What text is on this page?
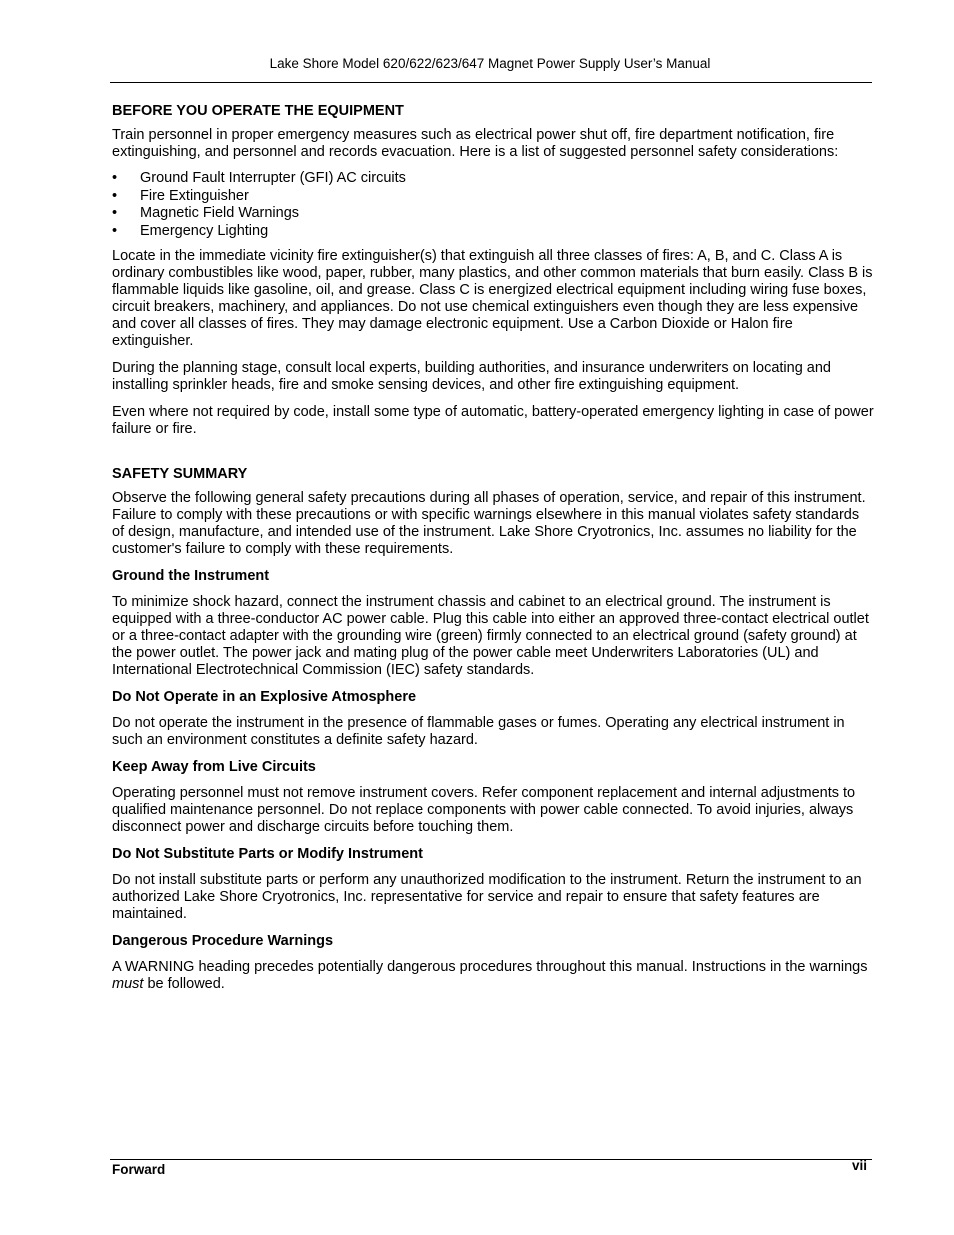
Lake Shore Model 620/622/623/647 Magnet Power Supply User’s Manual
BEFORE YOU OPERATE THE EQUIPMENT

Train personnel in proper emergency measures such as electrical power shut off, fire department notification, fire extinguishing, and personnel and records evacuation. Here is a list of suggested personnel safety considerations:

• Ground Fault Interrupter (GFI) AC circuits
• Fire Extinguisher
• Magnetic Field Warnings
• Emergency Lighting

Locate in the immediate vicinity fire extinguisher(s) that extinguish all three classes of fires: A, B, and C. Class A is ordinary combustibles like wood, paper, rubber, many plastics, and other common materials that burn easily. Class B is flammable liquids like gasoline, oil, and grease. Class C is energized electrical equipment including wiring fuse boxes, circuit breakers, machinery, and appliances. Do not use chemical extinguishers even though they are less expensive and cover all classes of fires. They may damage electronic equipment. Use a Carbon Dioxide or Halon fire extinguisher.

During the planning stage, consult local experts, building authorities, and insurance underwriters on locating and installing sprinkler heads, fire and smoke sensing devices, and other fire extinguishing equipment.

Even where not required by code, install some type of automatic, battery-operated emergency lighting in case of power failure or fire.

SAFETY SUMMARY

Observe the following general safety precautions during all phases of operation, service, and repair of this instrument. Failure to comply with these precautions or with specific warnings elsewhere in this manual violates safety standards of design, manufacture, and intended use of the instrument. Lake Shore Cryotronics, Inc. assumes no liability for the customer's failure to comply with these requirements.

Ground the Instrument

To minimize shock hazard, connect the instrument chassis and cabinet to an electrical ground. The instrument is equipped with a three-conductor AC power cable. Plug this cable into either an approved three-contact electrical outlet or a three-contact adapter with the grounding wire (green) firmly connected to an electrical ground (safety ground) at the power outlet. The power jack and mating plug of the power cable meet Underwriters Laboratories (UL) and International Electrotechnical Commission (IEC) safety standards.

Do Not Operate in an Explosive Atmosphere

Do not operate the instrument in the presence of flammable gases or fumes. Operating any electrical instrument in such an environment constitutes a definite safety hazard.

Keep Away from Live Circuits

Operating personnel must not remove instrument covers. Refer component replacement and internal adjustments to qualified maintenance personnel. Do not replace components with power cable connected. To avoid injuries, always disconnect power and discharge circuits before touching them.

Do Not Substitute Parts or Modify Instrument

Do not install substitute parts or perform any unauthorized modification to the instrument. Return the instrument to an authorized Lake Shore Cryotronics, Inc. representative for service and repair to ensure that safety features are maintained.

Dangerous Procedure Warnings

A WARNING heading precedes potentially dangerous procedures throughout this manual. Instructions in the warnings must be followed.

Forward	vii
